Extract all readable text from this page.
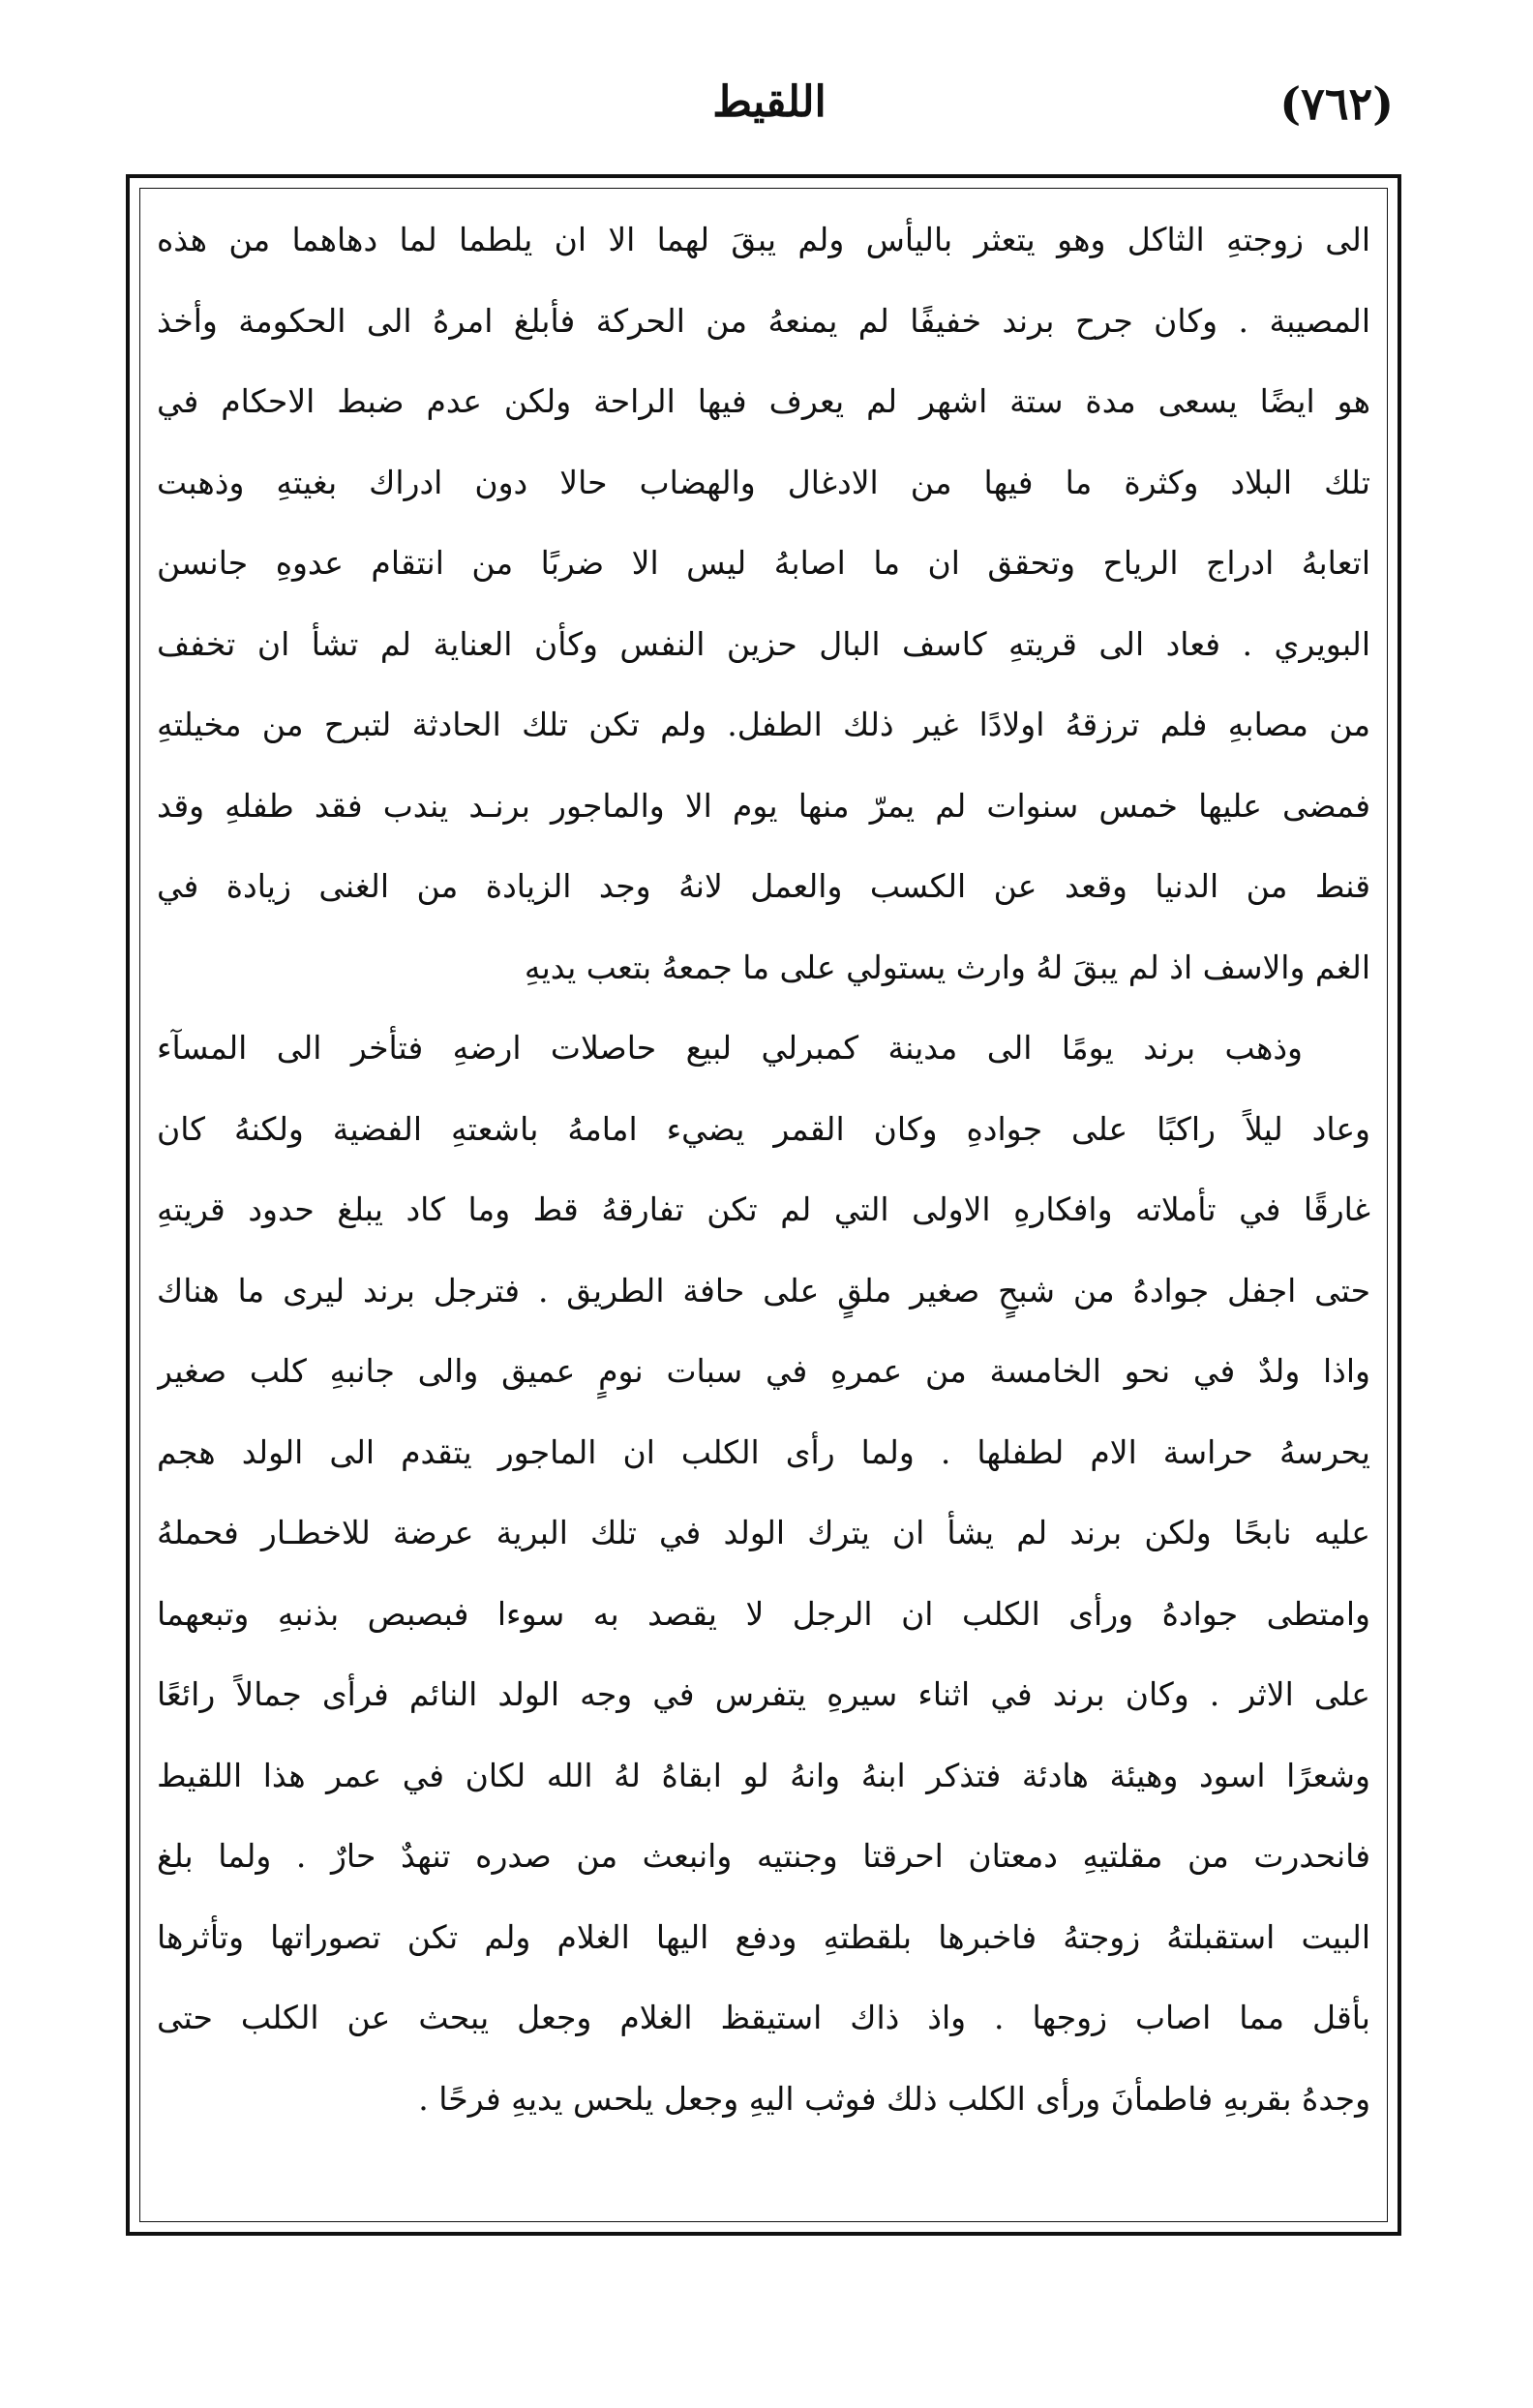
(٧٦٢)
اللقيط
الى زوجتهِ الثاكل وهو يتعثر باليأس ولم يبقَ لهما الا ان يلطما لما دهاهما من هذه
المصيبة . وكان جرح برند خفيفًا لم يمنعهُ من الحركة فأبلغ امرهُ الى الحكومة وأخذ
هو ايضًا يسعى مدة ستة اشهر لم يعرف فيها الراحة ولكن عدم ضبط الاحكام في
تلك البلاد وكثرة ما فيها من الادغال والهضاب حالا دون ادراك بغيتهِ وذهبت
اتعابهُ ادراج الرياح وتحقق ان ما اصابهُ ليس الا ضربًا من انتقام عدوهِ جانسن
البويري . فعاد الى قريتهِ كاسف البال حزين النفس وكأن العناية لم تشأ ان تخفف
من مصابهِ فلم ترزقهُ اولادًا غير ذلك الطفل. ولم تكن تلك الحادثة لتبرح من مخيلتهِ
فمضى عليها خمس سنوات لم يمرّ منها يوم الا والماجور برنـد يندب فقد طفلهِ وقد
قنط من الدنيا وقعد عن الكسب والعمل لانهُ وجد الزيادة من الغنى زيادة في
الغم والاسف اذ لم يبقَ لهُ وارث يستولي على ما جمعهُ بتعب يديهِ
وذهب برند يومًا الى مدينة كمبرلي لبيع حاصلات ارضهِ فتأخر الى المسآء
وعاد ليلاً راكبًا على جوادهِ وكان القمر يضيء امامهُ باشعتهِ الفضية ولكنهُ كان
غارقًا في تأملاته وافكارهِ الاولى التي لم تكن تفارقهُ قط وما كاد يبلغ حدود قريتهِ
حتى اجفل جوادهُ من شبحٍ صغير ملقٍ على حافة الطريق . فترجل برند ليرى ما هناك
واذا ولدٌ في نحو الخامسة من عمرهِ في سبات نومٍ عميق والى جانبهِ كلب صغير
يحرسهُ حراسة الام لطفلها . ولما رأى الكلب ان الماجور يتقدم الى الولد هجم
عليه نابحًا ولكن برند لم يشأ ان يترك الولد في تلك البرية عرضة للاخطـار فحملهُ
وامتطى جوادهُ ورأى الكلب ان الرجل لا يقصد به سوءا فبصبص بذنبهِ وتبعهما
على الاثر . وكان برند في اثناء سيرهِ يتفرس في وجه الولد النائم فرأى جمالاً رائعًا
وشعرًا اسود وهيئة هادئة فتذكر ابنهُ وانهُ لو ابقاهُ لهُ الله لكان في عمر هذا اللقيط
فانحدرت من مقلتيهِ دمعتان احرقتا وجنتيه وانبعث من صدره تنهدٌ حارٌ . ولما بلغ
البيت استقبلتهُ زوجتهُ فاخبرها بلقطتهِ ودفع اليها الغلام ولم تكن تصوراتها وتأثرها
بأقل مما اصاب زوجها . واذ ذاك استيقظ الغلام وجعل يبحث عن الكلب حتى
وجدهُ بقربهِ فاطمأنَ ورأى الكلب ذلك فوثب اليهِ وجعل يلحس يديهِ فرحًا .
